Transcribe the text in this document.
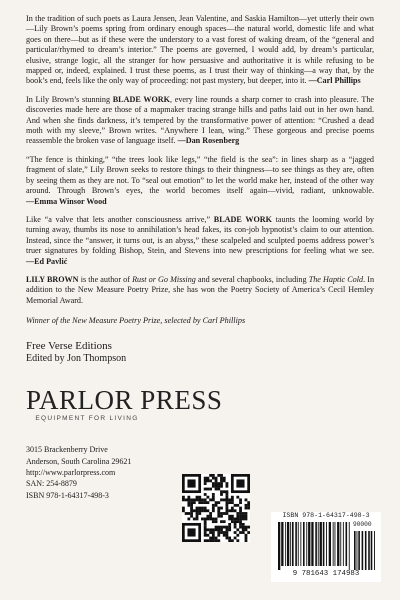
In the tradition of such poets as Laura Jensen, Jean Valentine, and Saskia Hamilton—yet utterly their own—Lily Brown’s poems spring from ordinary enough spaces—the natural world, domestic life and what goes on there—but as if these were the understory to a vast forest of waking dream, of the “general and particular/rhymed to dream’s interior.” The poems are governed, I would add, by dream’s particular, elusive, strange logic, all the stranger for how persuasive and authoritative it is while refusing to be mapped or, indeed, explained. I trust these poems, as I trust their way of thinking—a way that, by the book’s end, feels like the only way of proceeding: not past mystery, but deeper, into it. —Carl Phillips

In Lily Brown’s stunning BLADE WORK, every line rounds a sharp corner to crash into pleasure. The discoveries made here are those of a mapmaker tracing strange hills and paths laid out in her own hand. And when she finds darkness, it’s tempered by the transformative power of attention: “Crushed a dead moth with my sleeve,” Brown writes. “Anywhere I lean, wing.” These gorgeous and precise poems reassemble the broken vase of language itself. —Dan Rosenberg

“The fence is thinking,” “the trees look like legs,” “the field is the sea”: in lines sharp as a “jagged fragment of slate,” Lily Brown seeks to restore things to their thingness—to see things as they are, often by seeing them as they are not. To “seal out emotion” to let the world make her, instead of the other way around. Through Brown’s eyes, the world becomes itself again—vivid, radiant, unknowable. —Emma Winsor Wood

Like “a valve that lets another consciousness arrive,” BLADE WORK taunts the looming world by turning away, thumbs its nose to annihilation’s head fakes, its con-job hypnotist’s claim to our attention. Instead, since the “answer, it turns out, is an abyss,” these scalpeled and sculpted poems address power’s truer signatures by folding Bishop, Stein, and Stevens into new prescriptions for feeling what we see. —Ed Pavlić

LILY BROWN is the author of Rust or Go Missing and several chapbooks, including The Haptic Cold. In addition to the New Measure Poetry Prize, she has won the Poetry Society of America’s Cecil Hemley Memorial Award.

Winner of the New Measure Poetry Prize, selected by Carl Phillips

Free Verse Editions
Edited by Jon Thompson
PARLOR PRESS
EQUIPMENT FOR LIVING
3015 Brackenberry Drive
Anderson, South Carolina 29621
http://www.parlorpress.com
SAN: 254-8879
ISBN 978-1-64317-498-3
ISBN 978-1-64317-498-3
90000
9 781643 174983
